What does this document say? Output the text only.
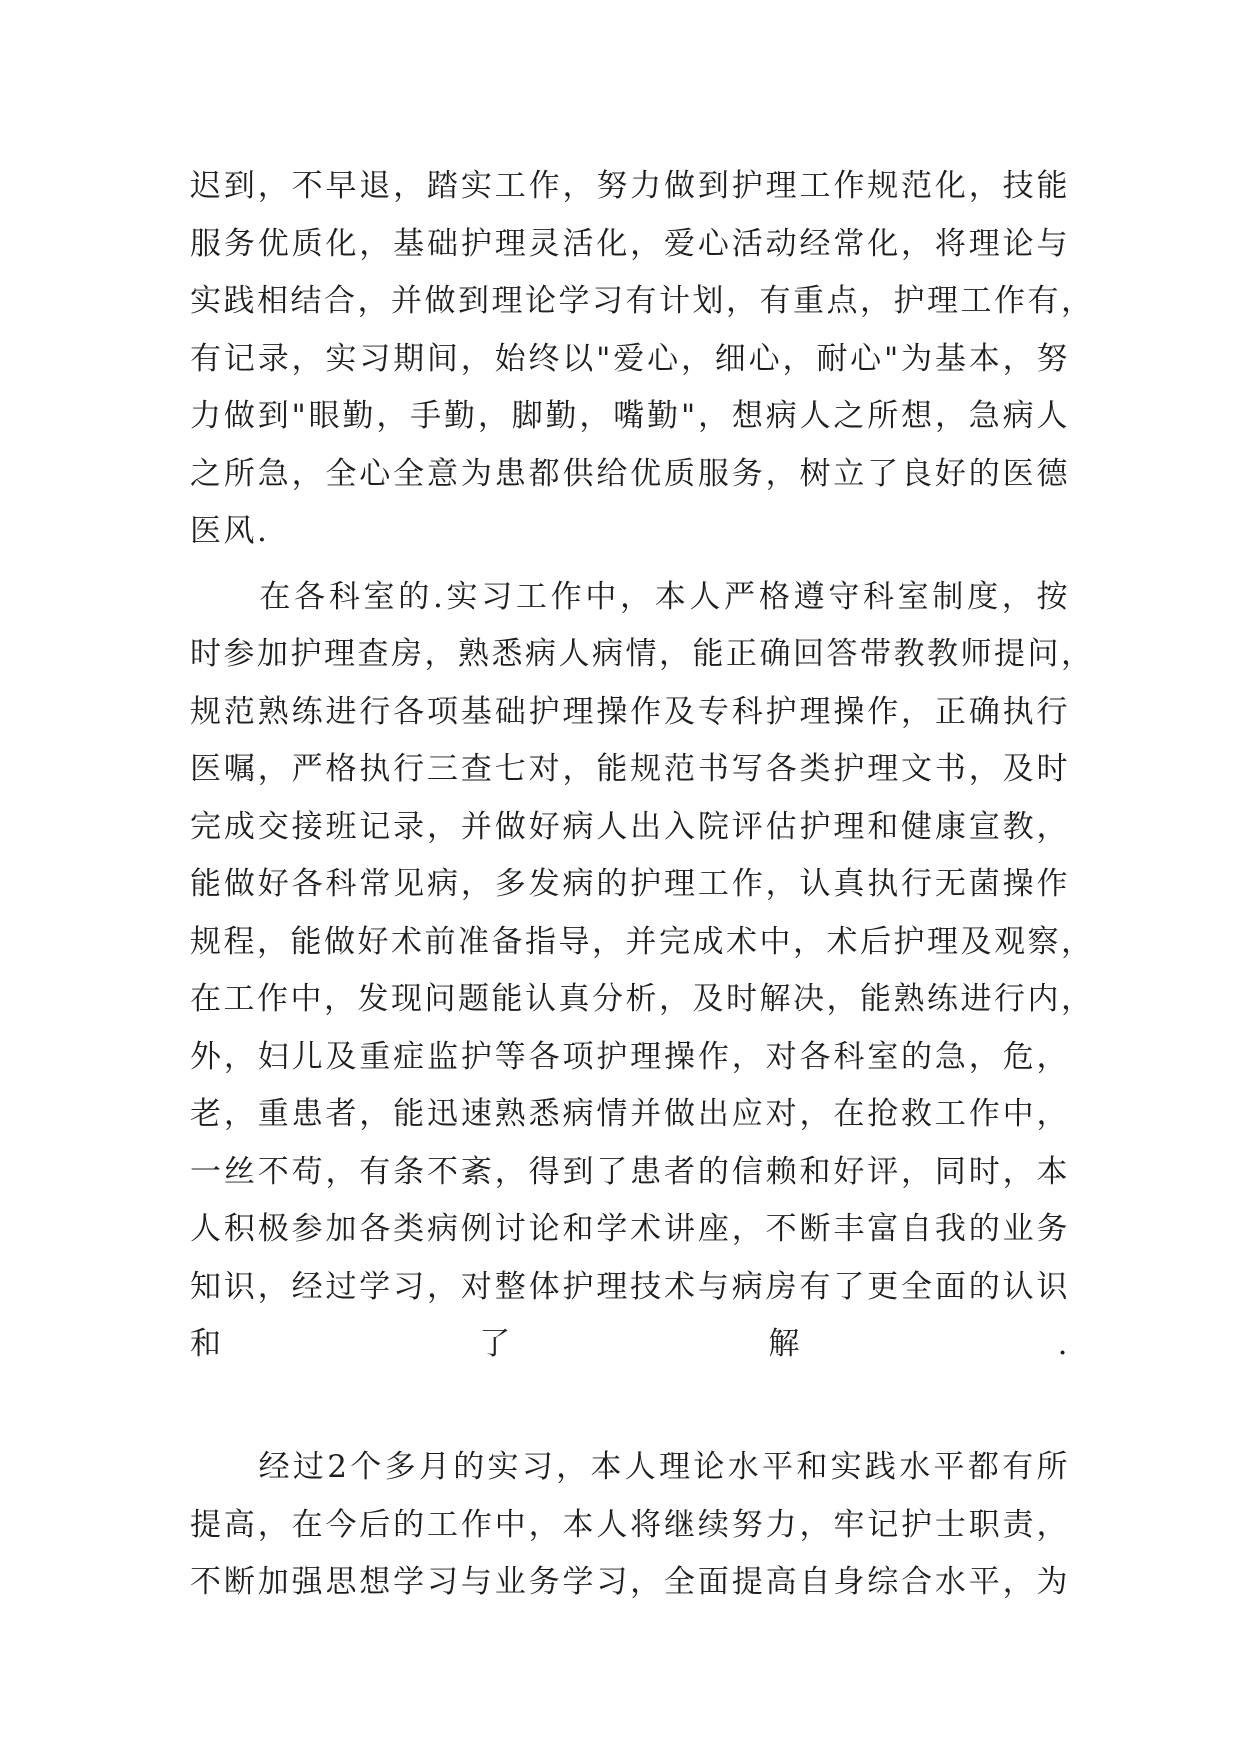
迟到，不早退，踏实工作，努力做到护理工作规范化，技能
服务优质化，基础护理灵活化，爱心活动经常化，将理论与
实践相结合，并做到理论学习有计划，有重点，护理工作有，
有记录，实习期间，始终以"爱心，细心，耐心"为基本，努
力做到"眼勤，手勤，脚勤，嘴勤"，想病人之所想，急病人
之所急，全心全意为患都供给优质服务，树立了良好的医德
医风.
　　在各科室的.实习工作中，本人严格遵守科室制度，按
时参加护理查房，熟悉病人病情，能正确回答带教教师提问，
规范熟练进行各项基础护理操作及专科护理操作，正确执行
医嘱，严格执行三查七对，能规范书写各类护理文书，及时
完成交接班记录，并做好病人出入院评估护理和健康宣教，
能做好各科常见病，多发病的护理工作，认真执行无菌操作
规程，能做好术前准备指导，并完成术中，术后护理及观察，
在工作中，发现问题能认真分析，及时解决，能熟练进行内，
外，妇儿及重症监护等各项护理操作，对各科室的急，危，
老，重患者，能迅速熟悉病情并做出应对，在抢救工作中，
一丝不苟，有条不紊，得到了患者的信赖和好评，同时，本
人积极参加各类病例讨论和学术讲座，不断丰富自我的业务
知识，经过学习，对整体护理技术与病房有了更全面的认识
和了解.
　　经过2个多月的实习，本人理论水平和实践水平都有所
提高，在今后的工作中，本人将继续努力，牢记护士职责，
不断加强思想学习与业务学习，全面提高自身综合水平，为
